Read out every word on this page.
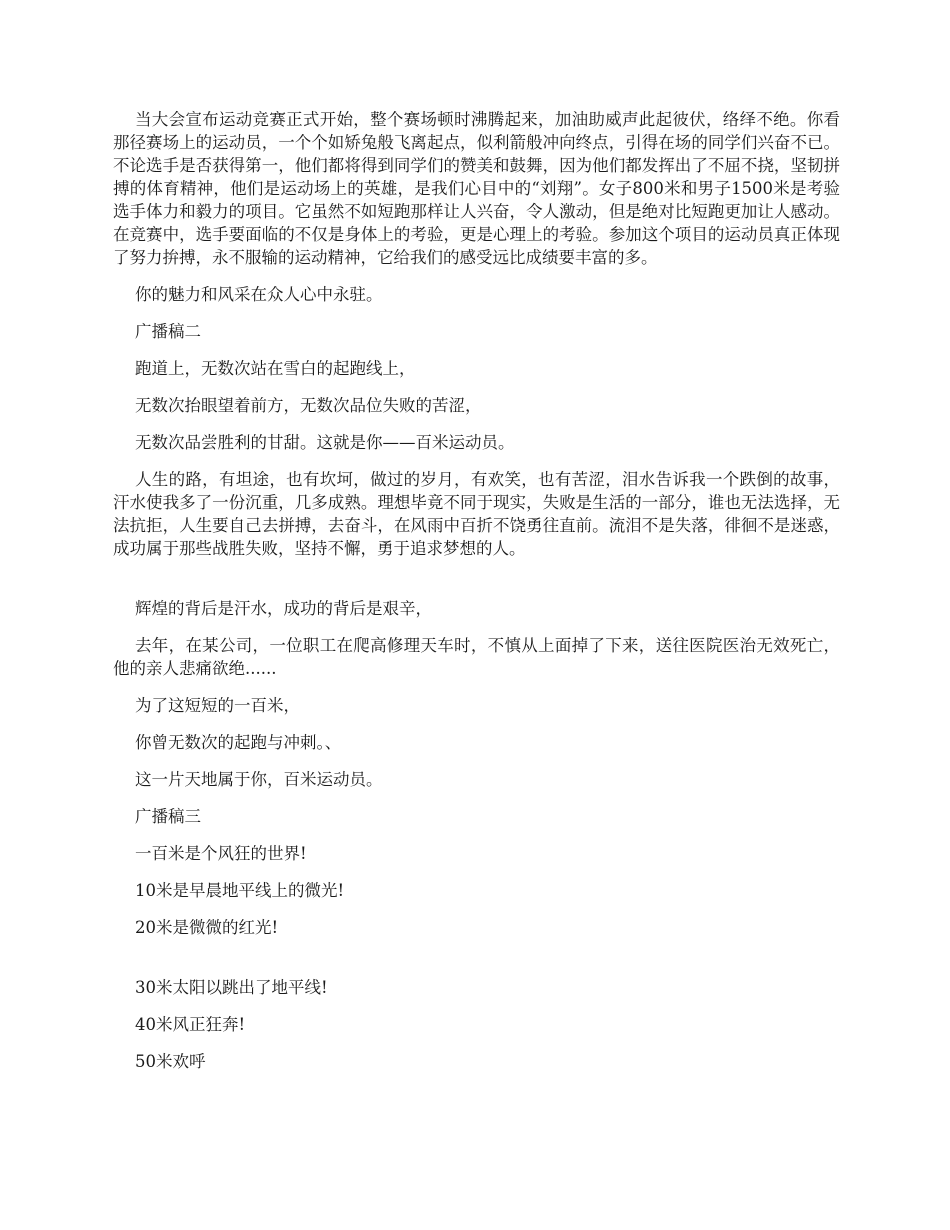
当大会宣布运动竞赛正式开始，整个赛场顿时沸腾起来，加油助威声此起彼伏，络绎不绝。你看那径赛场上的运动员，一个个如矫兔般飞离起点，似利箭般冲向终点，引得在场的同学们兴奋不已。不论选手是否获得第一，他们都将得到同学们的赞美和鼓舞，因为他们都发挥出了不屈不挠，坚韧拼搏的体育精神，他们是运动场上的英雄，是我们心目中的“刘翔”。女子800米和男子1500米是考验选手体力和毅力的项目。它虽然不如短跑那样让人兴奋，令人激动，但是绝对比短跑更加让人感动。在竞赛中，选手要面临的不仅是身体上的考验，更是心理上的考验。参加这个项目的运动员真正体现了努力拚搏，永不服输的运动精神，它给我们的感受远比成绩要丰富的多。

你的魅力和风采在众人心中永驻。

广播稿二

跑道上，无数次站在雪白的起跑线上，

无数次抬眼望着前方，无数次品位失败的苦涩，

无数次品尝胜利的甘甜。这就是你——百米运动员。

人生的路，有坦途，也有坎坷，做过的岁月，有欢笑，也有苦涩，泪水告诉我一个跌倒的故事，汗水使我多了一份沉重，几多成熟。理想毕竟不同于现实，失败是生活的一部分，谁也无法选择，无法抗拒，人生要自己去拼搏，去奋斗，在风雨中百折不饶勇往直前。流泪不是失落，徘徊不是迷惑，成功属于那些战胜失败，坚持不懈，勇于追求梦想的人。

辉煌的背后是汗水，成功的背后是艰辛，

去年，在某公司，一位职工在爬高修理天车时，不慎从上面掉了下来，送往医院医治无效死亡，他的亲人悲痛欲绝......

为了这短短的一百米，

你曾无数次的起跑与冲刺。、

这一片天地属于你，百米运动员。

广播稿三

一百米是个风狂的世界!

10米是早晨地平线上的微光!

20米是微微的红光!

30米太阳以跳出了地平线!

40米风正狂奔!

50米欢呼
